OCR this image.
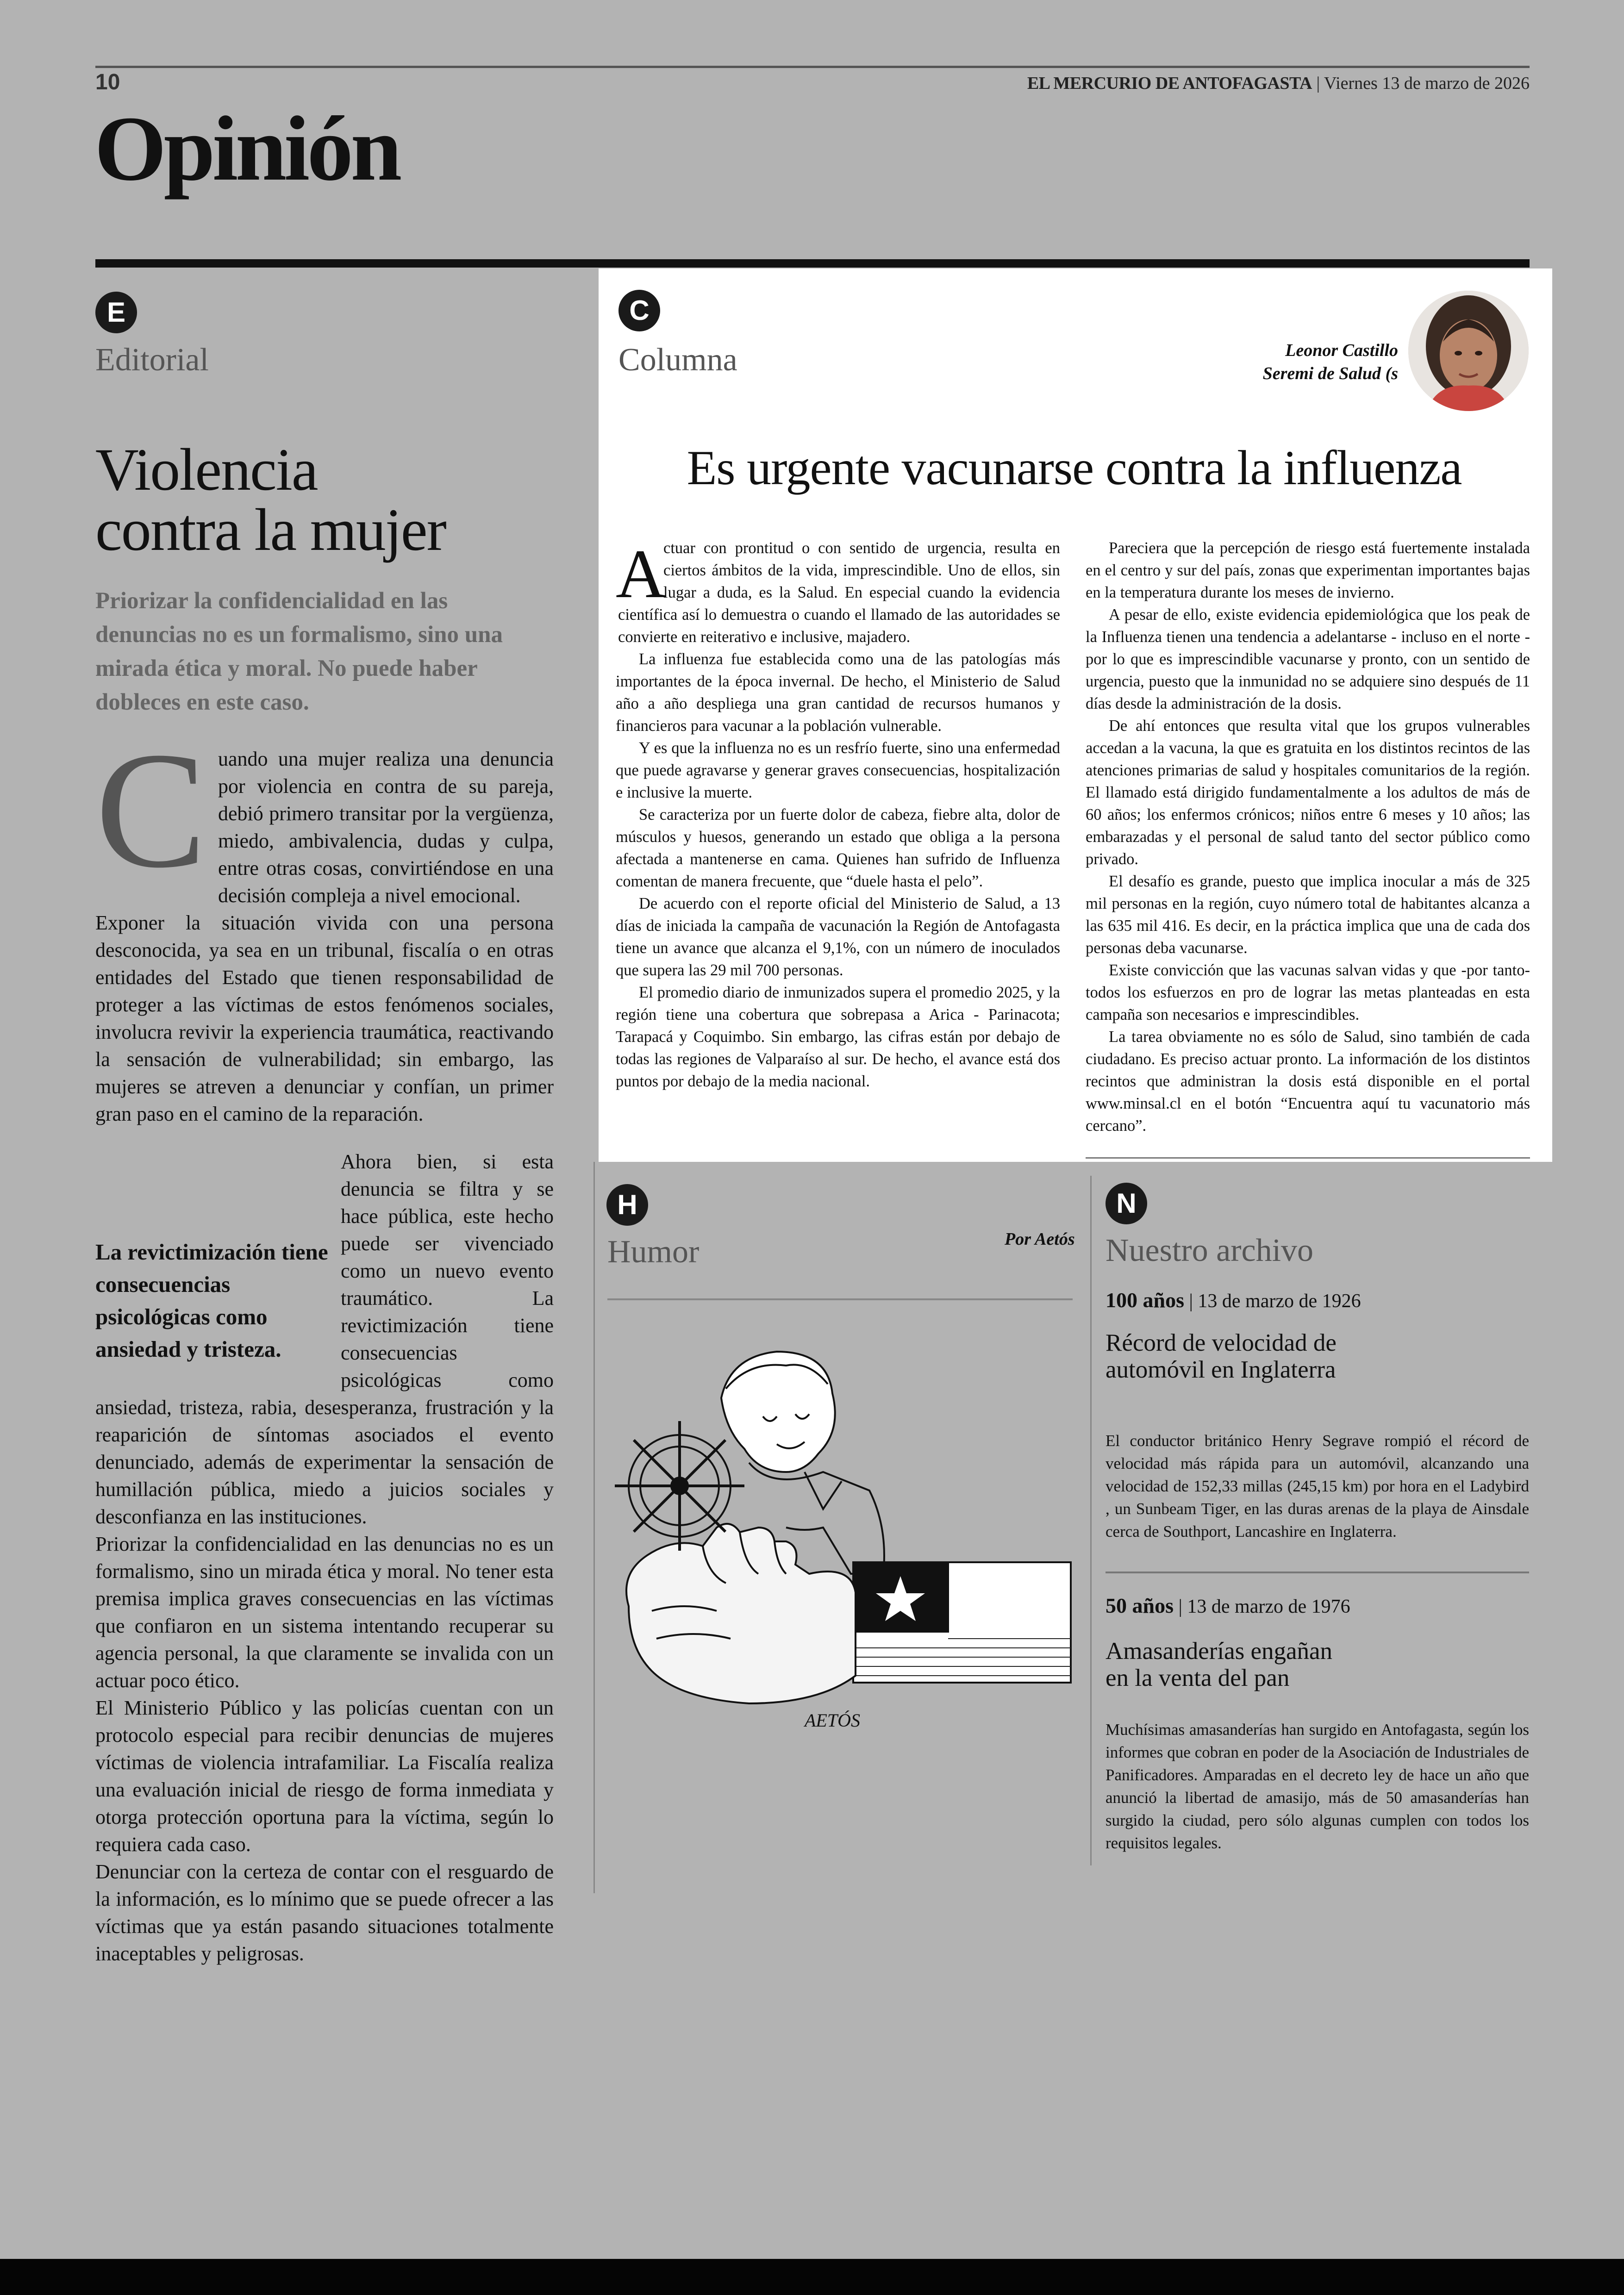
10	EL MERCURIO DE ANTOFAGASTA | Viernes 13 de marzo de 2026
Opinión
E
Editorial
Violencia
contra la mujer
Priorizar la confidencialidad en las denuncias no es un formalismo, sino una mirada ética y moral. No puede haber dobleces en este caso.
C uando una mujer realiza una denuncia por violencia en contra de su pareja, debió primero transitar por la vergüenza, miedo, ambivalencia, dudas y culpa, entre otras cosas, convirtiéndose en una decisión compleja a nivel emocional.

Exponer la situación vivida con una persona desconocida, ya sea en un tribunal, fiscalía o en otras entidades del Estado que tienen responsabilidad de proteger a las víctimas de estos fenómenos sociales, involucra revivir la experiencia traumática, reactivando la sensación de vulnerabilidad; sin embargo, las mujeres se atreven a denunciar y confían, un primer gran paso en el camino de la reparación.

La revictimización tiene consecuencias psicológicas como ansiedad y tristeza.

Ahora bien, si esta denuncia se filtra y se hace pública, este hecho puede ser vivenciado como un nuevo evento traumático. La revictimización tiene consecuencias psicológicas como ansiedad, tristeza, rabia, desesperanza, frustración y la reaparición de síntomas asociados el evento denunciado, además de experimentar la sensación de humillación pública, miedo a juicios sociales y desconfianza en las instituciones.

Priorizar la confidencialidad en las denuncias no es un formalismo, sino un mirada ética y moral. No tener esta premisa implica graves consecuencias en las víctimas que confiaron en un sistema intentando recuperar su agencia personal, la que claramente se invalida con un actuar poco ético.

El Ministerio Público y las policías cuentan con un protocolo especial para recibir denuncias de mujeres víctimas de violencia intrafamiliar. La Fiscalía realiza una evaluación inicial de riesgo de forma inmediata y otorga protección oportuna para la víctima, según lo requiera cada caso.

Denunciar con la certeza de contar con el resguardo de la información, es lo mínimo que se puede ofrecer a las víctimas que ya están pasando situaciones totalmente inaceptables y peligrosas.

C
Columna	Leonor Castillo
Seremi de Salud (s
Es urgente vacunarse contra la influenza
A

ctuar con prontitud o con sentido de urgencia, resulta en ciertos ámbitos de la vida, imprescindible. Uno de ellos, sin lugar a duda, es la Salud. En especial cuando la evidencia científica así lo demuestra o cuando el llamado de las autoridades se convierte en reiterativo e inclusive, majadero.

La influenza fue establecida como una de las patologías más importantes de la época invernal. De hecho, el Ministerio de Salud año a año despliega una gran cantidad de recursos humanos y financieros para vacunar a la población vulnerable.

Y es que la influenza no es un resfrío fuerte, sino una enfermedad que puede agravarse y generar graves consecuencias, hospitalización e inclusive la muerte.

Se caracteriza por un fuerte dolor de cabeza, fiebre alta, dolor de músculos y huesos, generando un estado que obliga a la persona afectada a mantenerse en cama. Quienes han sufrido de Influenza comentan de manera frecuente, que “duele hasta el pelo”.

De acuerdo con el reporte oficial del Ministerio de Salud, a 13 días de iniciada la campaña de vacunación la Región de Antofagasta tiene un avance que alcanza el 9,1%, con un número de inoculados que supera las 29 mil 700 personas.

El promedio diario de inmunizados supera el promedio 2025, y la región tiene una cobertura que sobrepasa a Arica - Parinacota; Tarapacá y Coquimbo. Sin embargo, las cifras están por debajo de todas las regiones de Valparaíso al sur. De hecho, el avance está dos puntos por debajo de la media nacional.

Pareciera que la percepción de riesgo está fuertemente instalada en el centro y sur del país, zonas que experimentan importantes bajas en la temperatura durante los meses de invierno.

A pesar de ello, existe evidencia epidemiológica que los peak de la Influenza tienen una tendencia a adelantarse - incluso en el norte - por lo que es imprescindible vacunarse y pronto, con un sentido de urgencia, puesto que la inmunidad no se adquiere sino después de 11 días desde la administración de la dosis.

De ahí entonces que resulta vital que los grupos vulnerables accedan a la vacuna, la que es gratuita en los distintos recintos de las atenciones primarias de salud y hospitales comunitarios de la región. El llamado está dirigido fundamentalmente a los adultos de más de 60 años; los enfermos crónicos; niños entre 6 meses y 10 años; las embarazadas y el personal de salud tanto del sector público como privado.

El desafío es grande, puesto que implica inocular a más de 325 mil personas en la región, cuyo número total de habitantes alcanza a las 635 mil 416. Es decir, en la práctica implica que una de cada dos personas deba vacunarse.

Existe convicción que las vacunas salvan vidas y que -por tanto- todos los esfuerzos en pro de lograr las metas planteadas en esta campaña son necesarios e imprescindibles.

La tarea obviamente no es sólo de Salud, sino también de cada ciudadano. Es preciso actuar pronto. La información de los distintos recintos que administran la dosis está disponible en el portal www.minsal.cl en el botón “Encuentra aquí tu vacunatorio más cercano”.

H
Humor	Por Aetós
AETÓS
N
Nuestro archivo
100 años | 13 de marzo de 1926
Récord de velocidad de
automóvil en Inglaterra
El conductor británico Henry Segrave rompió el récord de velocidad más rápida para un automóvil, alcanzando una velocidad de 152,33 millas (245,15 km) por hora en el Ladybird , un Sunbeam Tiger, en las duras arenas de la playa de Ainsdale cerca de Southport, Lancashire en Inglaterra.
50 años | 13 de marzo de 1976
Amasanderías engañan
en la venta del pan
Muchísimas amasanderías han surgido en Antofagasta, según los informes que cobran en poder de la Asociación de Industriales de Panificadores. Amparadas en el decreto ley de hace un año que anunció la libertad de amasijo, más de 50 amasanderías han surgido la ciudad, pero sólo algunas cumplen con todos los requisitos legales.
